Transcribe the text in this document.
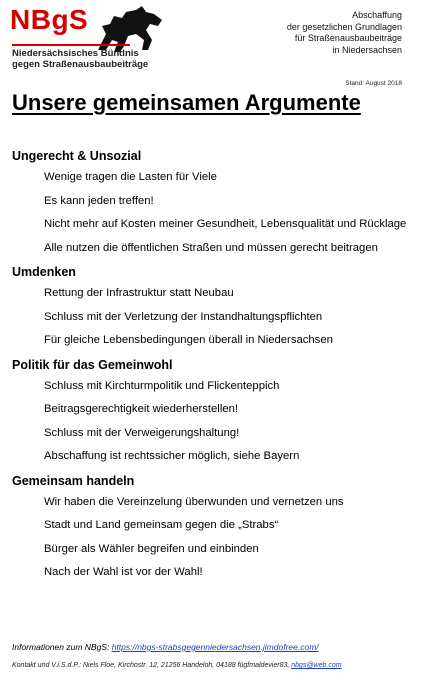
NBgS
Niedersächsisches Bündnis
gegen Straßenausbaubeiträge
Abschaffung
der gesetzlichen Grundlagen
für Straßenausbaubeiträge
in Niedersachsen
Stand: August 2018
Unsere gemeinsamen Argumente
Ungerecht & Unsozial
Wenige tragen die Lasten für Viele
Es kann jeden treffen!
Nicht mehr auf Kosten meiner Gesundheit, Lebensqualität und Rücklage
Alle nutzen die öffentlichen Straßen und müssen gerecht beitragen
Umdenken
Rettung der Infrastruktur statt Neubau
Schluss mit der Verletzung der Instandhaltungspflichten
Für gleiche Lebensbedingungen überall in Niedersachsen
Politik für das Gemeinwohl
Schluss mit Kirchturmpolitik und Flickenteppich
Beitragsgerechtigkeit wiederherstellen!
Schluss mit der Verweigerungshaltung!
Abschaffung ist rechtssicher möglich, siehe Bayern
Gemeinsam handeln
Wir haben die Vereinzelung überwunden und vernetzen uns
Stadt und Land gemeinsam gegen die „Strabs“
Bürger als Wähler begreifen und einbinden
Nach der Wahl ist vor der Wahl!
Informationen zum NBgS: https://nbgs-strabsgegenniedersachsen.jimdofree.com/
Kontakt und V.i.S.d.P.: Niels Floe, Kirchostr. 12, 21256 Handeloh, 04188 fügfmaldevier83, nbgs@web.com
